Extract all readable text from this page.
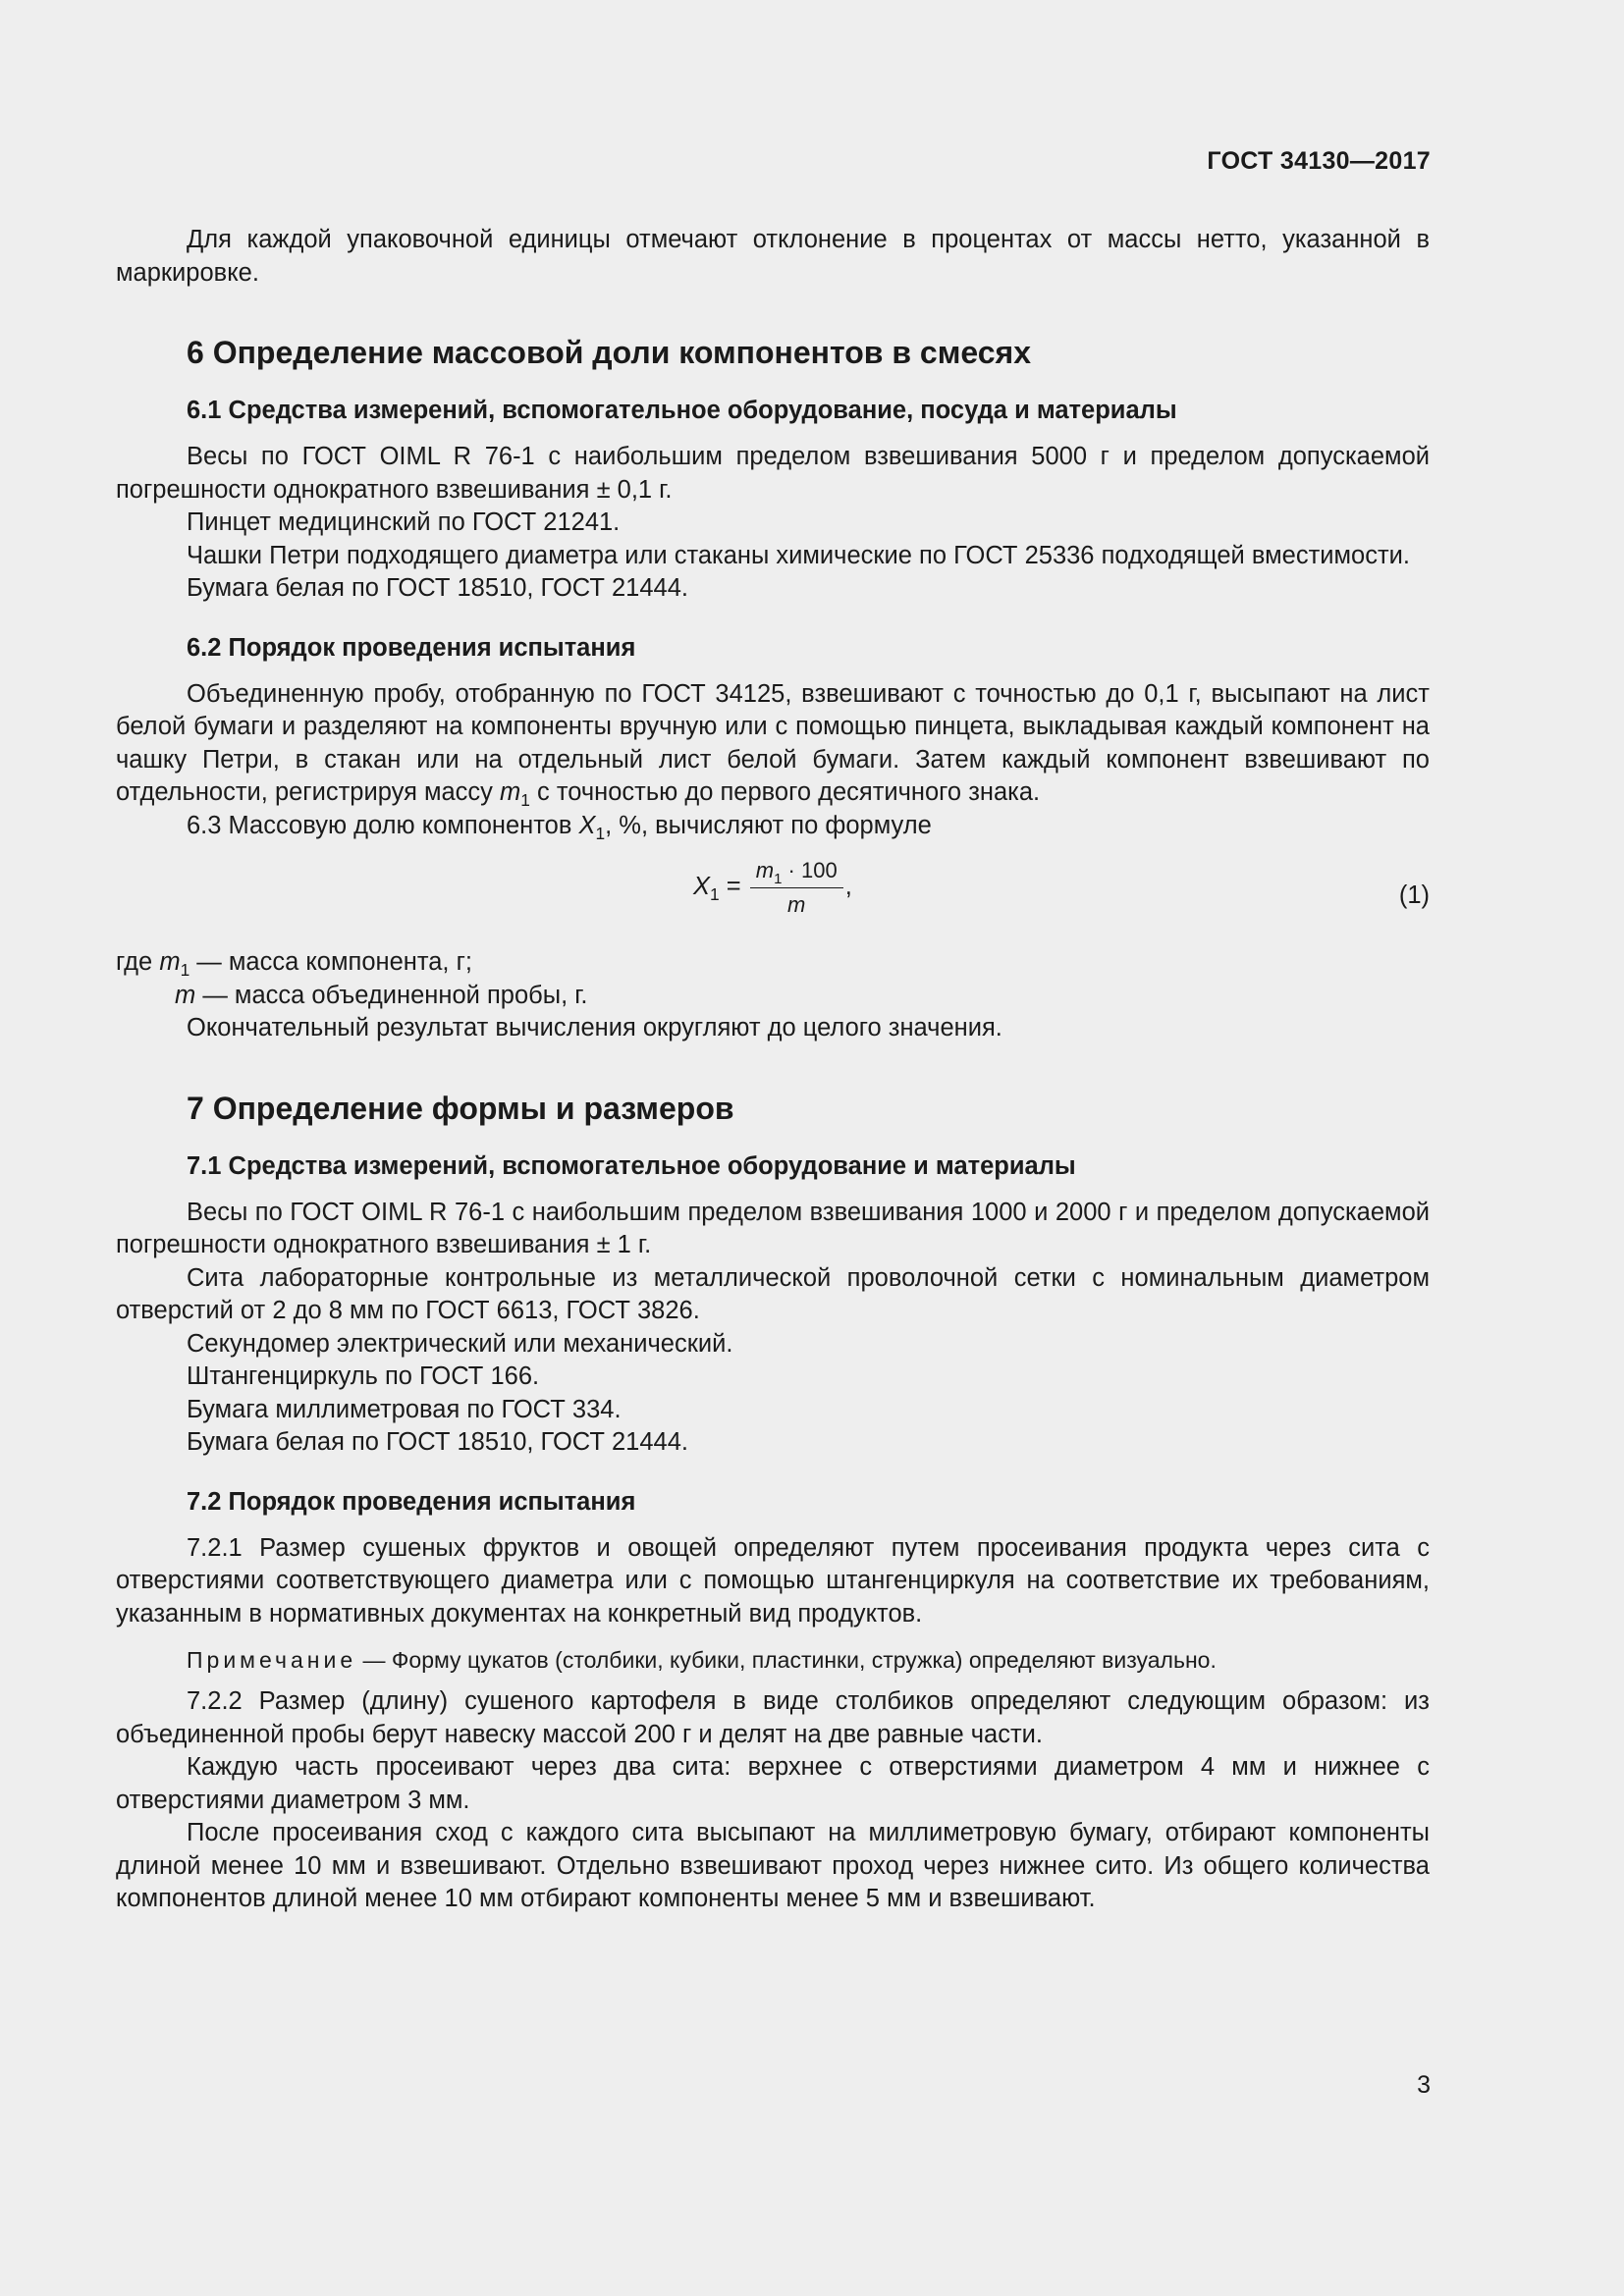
ГОСТ 34130—2017

Для каждой упаковочной единицы отмечают отклонение в процентах от массы нетто, указанной в маркировке.

6 Определение массовой доли компонентов в смесях
6.1 Средства измерений, вспомогательное оборудование, посуда и материалы

Весы по ГОСТ OIML R 76-1 с наибольшим пределом взвешивания 5000 г и пределом допускаемой погрешности однократного взвешивания ± 0,1 г.

Пинцет медицинский по ГОСТ 21241.

Чашки Петри подходящего диаметра или стаканы химические по ГОСТ 25336 подходящей вместимости.

Бумага белая по ГОСТ 18510, ГОСТ 21444.

6.2 Порядок проведения испытания

Объединенную пробу, отобранную по ГОСТ 34125, взвешивают с точностью до 0,1 г, высыпают на лист белой бумаги и разделяют на компоненты вручную или с помощью пинцета, выкладывая каждый компонент на чашку Петри, в стакан или на отдельный лист белой бумаги. Затем каждый компонент взвешивают по отдельности, регистрируя массу $m_1$ с точностью до первого десятичного знака.

6.3 Массовую долю компонентов $X_1$, %, вычисляют по формуле

$X_1 = \frac{m_1 \cdot 100}{m}$ ,	(1)

где $m_1$ — масса компонента, г;

m — масса объединенной пробы, г.

Окончательный результат вычисления округляют до целого значения.

7 Определение формы и размеров
7.1 Средства измерений, вспомогательное оборудование и материалы

Весы по ГОСТ OIML R 76-1 с наибольшим пределом взвешивания 1000 и 2000 г и пределом допускаемой погрешности однократного взвешивания ± 1 г.

Сита лабораторные контрольные из металлической проволочной сетки с номинальным диаметром отверстий от 2 до 8 мм по ГОСТ 6613, ГОСТ 3826.

Секундомер электрический или механический.

Штангенциркуль по ГОСТ 166.

Бумага миллиметровая по ГОСТ 334.

Бумага белая по ГОСТ 18510, ГОСТ 21444.

7.2 Порядок проведения испытания

7.2.1 Размер сушеных фруктов и овощей определяют путем просеивания продукта через сита с отверстиями соответствующего диаметра или с помощью штангенциркуля на соответствие их требованиям, указанным в нормативных документах на конкретный вид продуктов.

Примечание — Форму цукатов (столбики, кубики, пластинки, стружка) определяют визуально.

7.2.2 Размер (длину) сушеного картофеля в виде столбиков определяют следующим образом: из объединенной пробы берут навеску массой 200 г и делят на две равные части.

Каждую часть просеивают через два сита: верхнее с отверстиями диаметром 4 мм и нижнее с отверстиями диаметром 3 мм.

После просеивания сход с каждого сита высыпают на миллиметровую бумагу, отбирают компоненты длиной менее 10 мм и взвешивают. Отдельно взвешивают проход через нижнее сито. Из общего количества компонентов длиной менее 10 мм отбирают компоненты менее 5 мм и взвешивают.

3
